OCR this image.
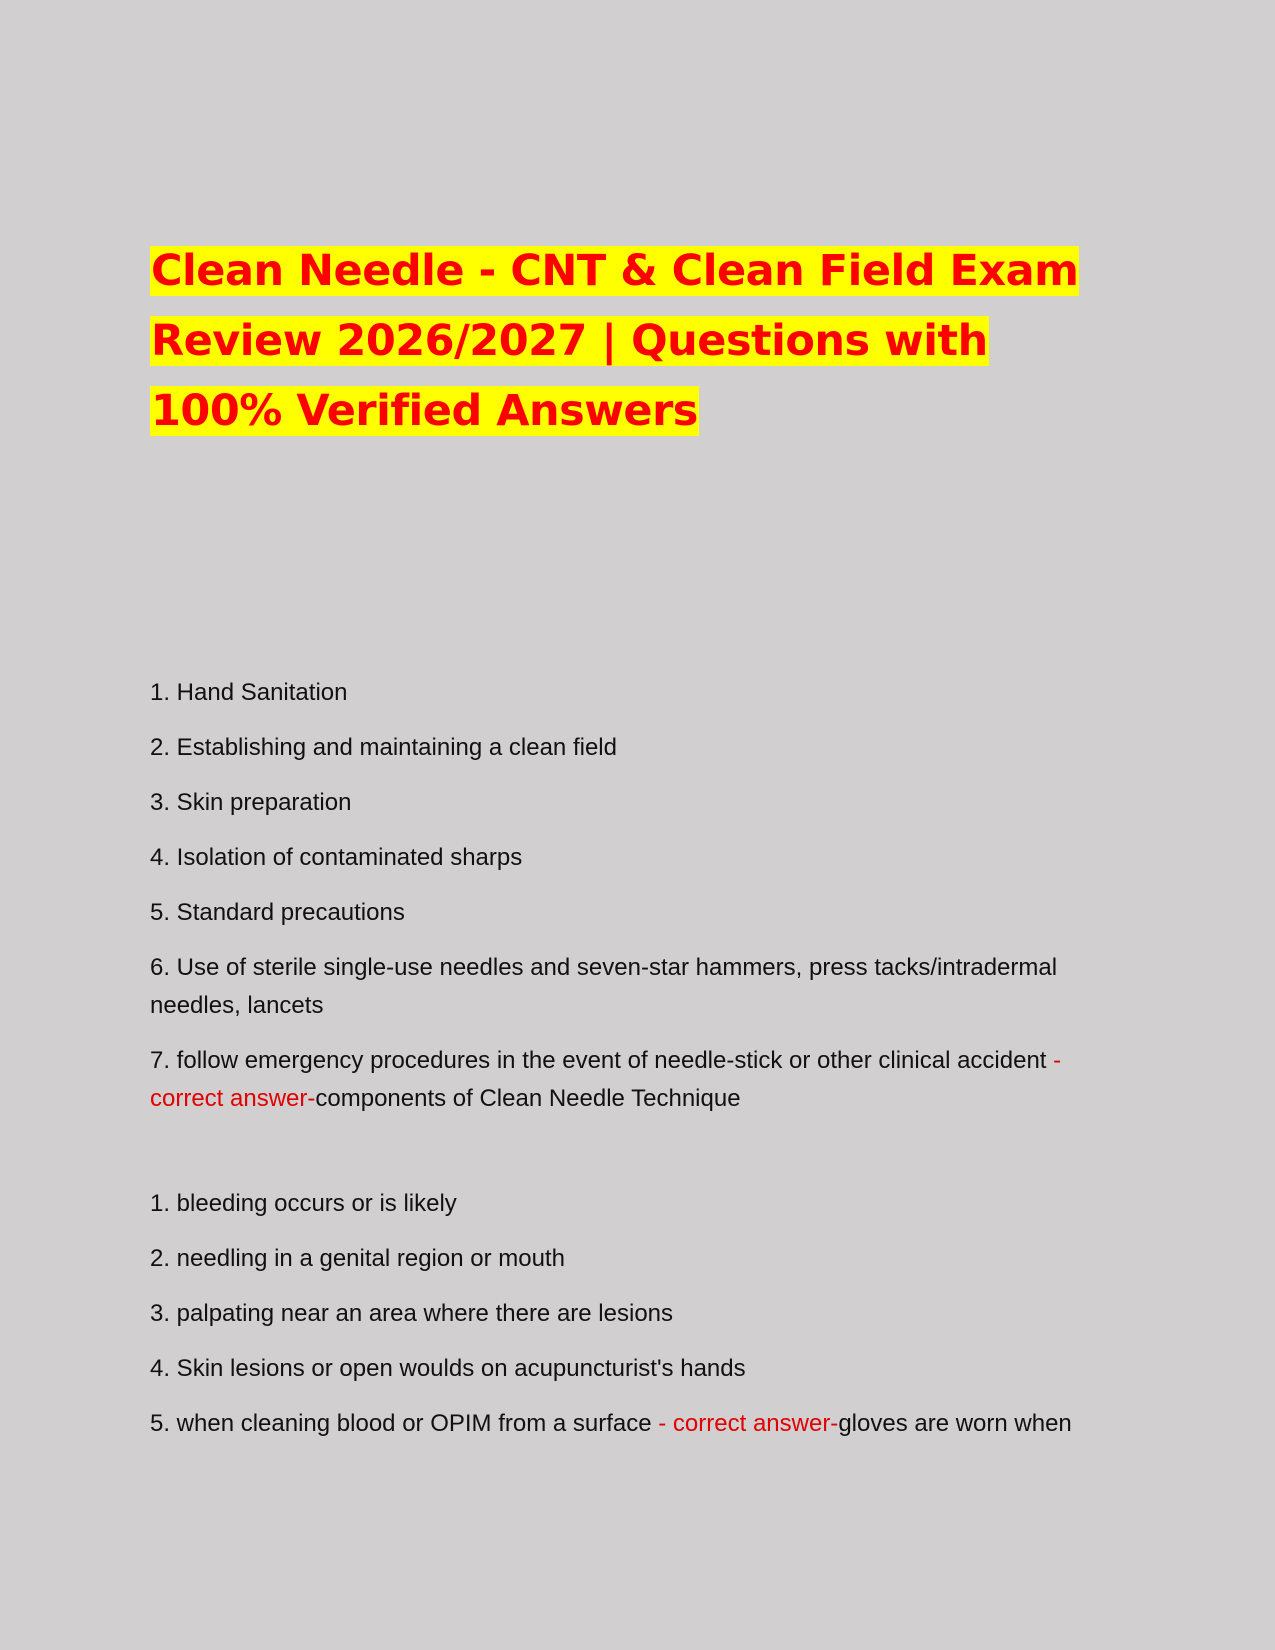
Clean Needle - CNT & Clean Field Exam Review 2026/2027 | Questions with 100% Verified Answers

1. Hand Sanitation

2. Establishing and maintaining a clean field

3. Skin preparation

4. Isolation of contaminated sharps

5. Standard precautions

6. Use of sterile single-use needles and seven-star hammers, press tacks/intradermal needles, lancets

7. follow emergency procedures in the event of needle-stick or other clinical accident - correct answer-components of Clean Needle Technique

1. bleeding occurs or is likely

2. needling in a genital region or mouth

3. palpating near an area where there are lesions

4. Skin lesions or open woulds on acupuncturist's hands

5. when cleaning blood or OPIM from a surface - correct answer-gloves are worn when
